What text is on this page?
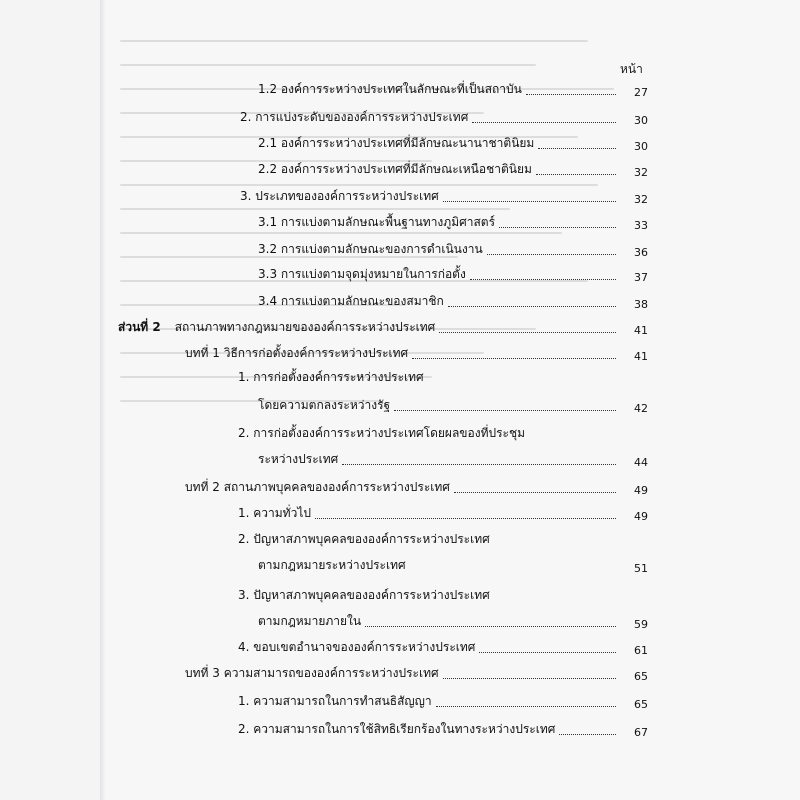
หน้า
1.2 องค์การระหว่างประเทศในลักษณะที่เป็นสถาบัน	27
2. การแบ่งระดับขององค์การระหว่างประเทศ	30
2.1 องค์การระหว่างประเทศที่มีลักษณะนานาชาตินิยม	30
2.2 องค์การระหว่างประเทศที่มีลักษณะเหนือชาตินิยม	32
3. ประเภทขององค์การระหว่างประเทศ	32
3.1 การแบ่งตามลักษณะพื้นฐานทางภูมิศาสตร์	33
3.2 การแบ่งตามลักษณะของการดำเนินงาน	36
3.3 การแบ่งตามจุดมุ่งหมายในการก่อตั้ง	37
3.4 การแบ่งตามลักษณะของสมาชิก	38
ส่วนที่ 2 สถานภาพทางกฎหมายขององค์การระหว่างประเทศ	41
บทที่ 1 วิธีการก่อตั้งองค์การระหว่างประเทศ	41
1. การก่อตั้งองค์การระหว่างประเทศ
โดยความตกลงระหว่างรัฐ	42
2. การก่อตั้งองค์การระหว่างประเทศโดยผลของที่ประชุม
ระหว่างประเทศ	44
บทที่ 2 สถานภาพบุคคลขององค์การระหว่างประเทศ	49
1. ความทั่วไป	49
2. ปัญหาสภาพบุคคลขององค์การระหว่างประเทศ
ตามกฎหมายระหว่างประเทศ	51
3. ปัญหาสภาพบุคคลขององค์การระหว่างประเทศ
ตามกฎหมายภายใน	59
4. ขอบเขตอำนาจขององค์การระหว่างประเทศ	61
บทที่ 3 ความสามารถขององค์การระหว่างประเทศ	65
1. ความสามารถในการทำสนธิสัญญา	65
2. ความสามารถในการใช้สิทธิเรียกร้องในทางระหว่างประเทศ	67
